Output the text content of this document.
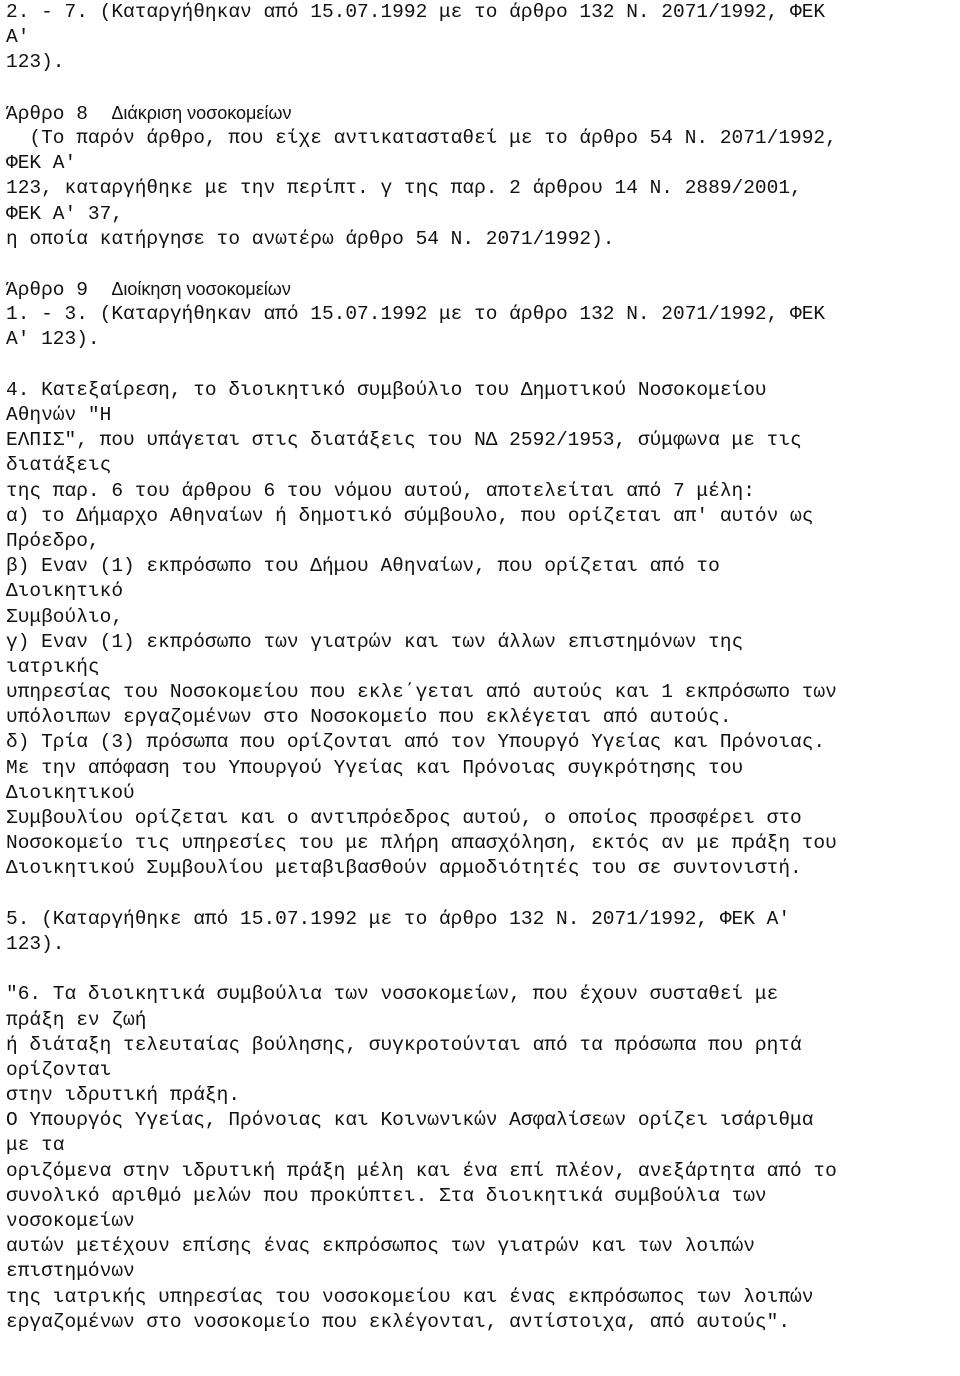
2. - 7. (Καταργήθηκαν από 15.07.1992 με το άρθρο 132 Ν. 2071/1992, ΦΕΚ
Α'
123).
Άρθρο 8 Διάκριση νοσοκομείων
(Το παρόν άρθρο, που είχε αντικατασταθεί με το άρθρο 54 Ν. 2071/1992,
ΦΕΚ Α'
123, καταργήθηκε με την περίπτ. γ της παρ. 2 άρθρου 14 Ν. 2889/2001,
ΦΕΚ Α' 37,
η οποία κατήργησε το ανωτέρω άρθρο 54 Ν. 2071/1992).
Άρθρο 9 Διοίκηση νοσοκομείων
1. - 3. (Καταργήθηκαν από 15.07.1992 με το άρθρο 132 Ν. 2071/1992, ΦΕΚ
Α' 123).
4. Κατεξαίρεση, το διοικητικό συμβούλιο του Δημοτικού Νοσοκομείου
Αθηνών "Η
ΕΛΠΙΣ", που υπάγεται στις διατάξεις του ΝΔ 2592/1953, σύμφωνα με τις
διατάξεις
της παρ. 6 του άρθρου 6 του νόμου αυτού, αποτελείται από 7 μέλη:
α) το Δήμαρχο Αθηναίων ή δημοτικό σύμβουλο, που ορίζεται απ' αυτόν ως
Πρόεδρο,
β) Εναν (1) εκπρόσωπο του Δήμου Αθηναίων, που ορίζεται από το
Διοικητικό
Συμβούλιο,
γ) Εναν (1) εκπρόσωπο των γιατρών και των άλλων επιστημόνων της
ιατρικής
υπηρεσίας του Νοσοκομείου που εκλε΄γεται από αυτούς και 1 εκπρόσωπο των
υπόλοιπων εργαζομένων στο Νοσοκομείο που εκλέγεται από αυτούς.
δ) Τρία (3) πρόσωπα που ορίζονται από τον Υπουργό Υγείας και Πρόνοιας.
Με την απόφαση του Υπουργού Υγείας και Πρόνοιας συγκρότησης του
Διοικητικού
Συμβουλίου ορίζεται και ο αντιπρόεδρος αυτού, ο οποίος προσφέρει στο
Νοσοκομείο τις υπηρεσίες του με πλήρη απασχόληση, εκτός αν με πράξη του
Διοικητικού Συμβουλίου μεταβιβασθούν αρμοδιότητές του σε συντονιστή.
5. (Καταργήθηκε από 15.07.1992 με το άρθρο 132 Ν. 2071/1992, ΦΕΚ Α'
123).
"6. Τα διοικητικά συμβούλια των νοσοκομείων, που έχουν συσταθεί με
πράξη εν ζωή
ή διάταξη τελευταίας βούλησης, συγκροτούνται από τα πρόσωπα που ρητά
ορίζονται
στην ιδρυτική πράξη.
Ο Υπουργός Υγείας, Πρόνοιας και Κοινωνικών Ασφαλίσεων ορίζει ισάριθμα
με τα
οριζόμενα στην ιδρυτική πράξη μέλη και ένα επί πλέον, ανεξάρτητα από το
συνολικό αριθμό μελών που προκύπτει. Στα διοικητικά συμβούλια των
νοσοκομείων
αυτών μετέχουν επίσης ένας εκπρόσωπος των γιατρών και των λοιπών
επιστημόνων
της ιατρικής υπηρεσίας του νοσοκομείου και ένας εκπρόσωπος των λοιπών
εργαζομένων στο νοσοκομείο που εκλέγονται, αντίστοιχα, από αυτούς".
